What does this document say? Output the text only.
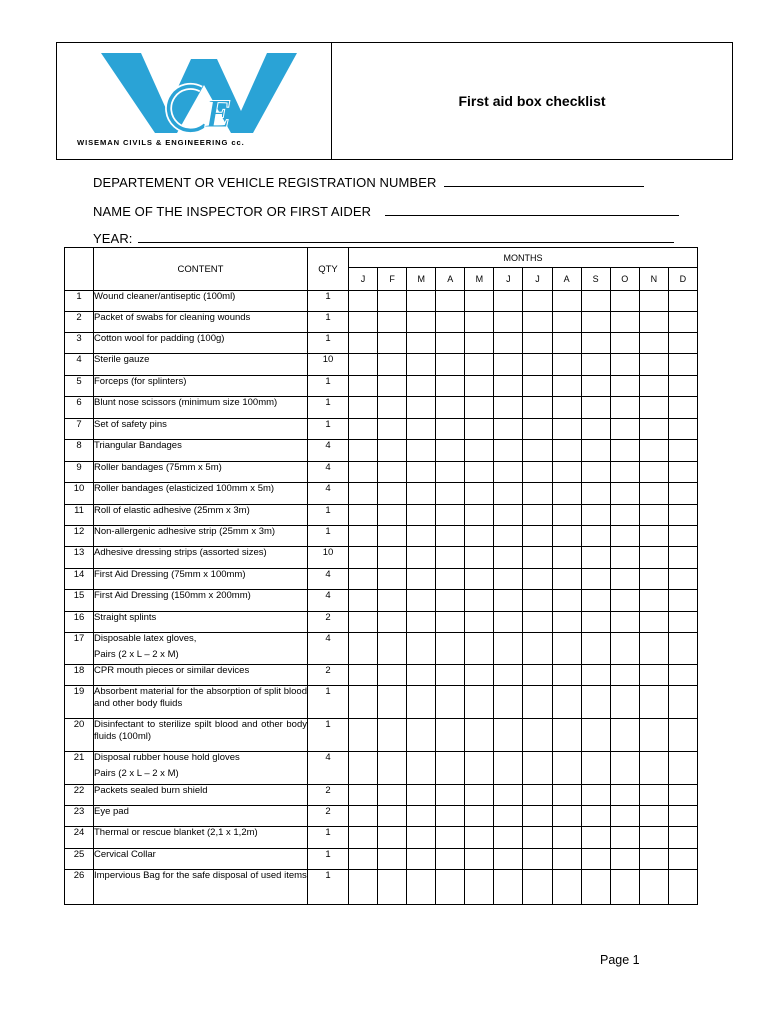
E
WISEMAN CIVILS & ENGINEERING cc.
First aid box checklist
DEPARTEMENT OR VEHICLE REGISTRATION NUMBER
NAME OF THE INSPECTOR OR FIRST AIDER
YEAR:
	CONTENT	QTY	MONTHS											
			J	F	M	A	M	J	J	A	S	O	N	D
1	Wound cleaner/antiseptic (100ml)	1												
2	Packet of swabs for cleaning wounds	1												
3	Cotton wool for padding (100g)	1												
4	Sterile gauze	10												
5	Forceps (for splinters)	1												
6	Blunt nose scissors (minimum size 100mm)	1												
7	Set of safety pins	1												
8	Triangular Bandages	4												
9	Roller bandages (75mm x 5m)	4												
10	Roller bandages (elasticized 100mm x 5m)	4												
11	Roll of elastic adhesive (25mm x 3m)	1												
12	Non-allergenic adhesive strip (25mm x 3m)	1												
13	Adhesive dressing strips (assorted sizes)	10												
14	First Aid Dressing (75mm x 100mm)	4												
15	First Aid Dressing (150mm x 200mm)	4												
16	Straight splints	2												
17	Disposable latex gloves,
Pairs (2 x L – 2 x M)	4												
18	CPR mouth pieces or similar devices	2												
19	Absorbent material for the absorption of split blood and other body fluids	1												
20	Disinfectant to sterilize spilt blood and other body fluids (100ml)	1												
21	Disposal rubber house hold gloves
Pairs (2 x L – 2 x M)	4												
22	Packets sealed burn shield	2												
23	Eye pad	2												
24	Thermal or rescue blanket (2,1 x 1,2m)	1												
25	Cervical Collar	1												
26	Impervious Bag for the safe disposal of used items	1												
Page 1
